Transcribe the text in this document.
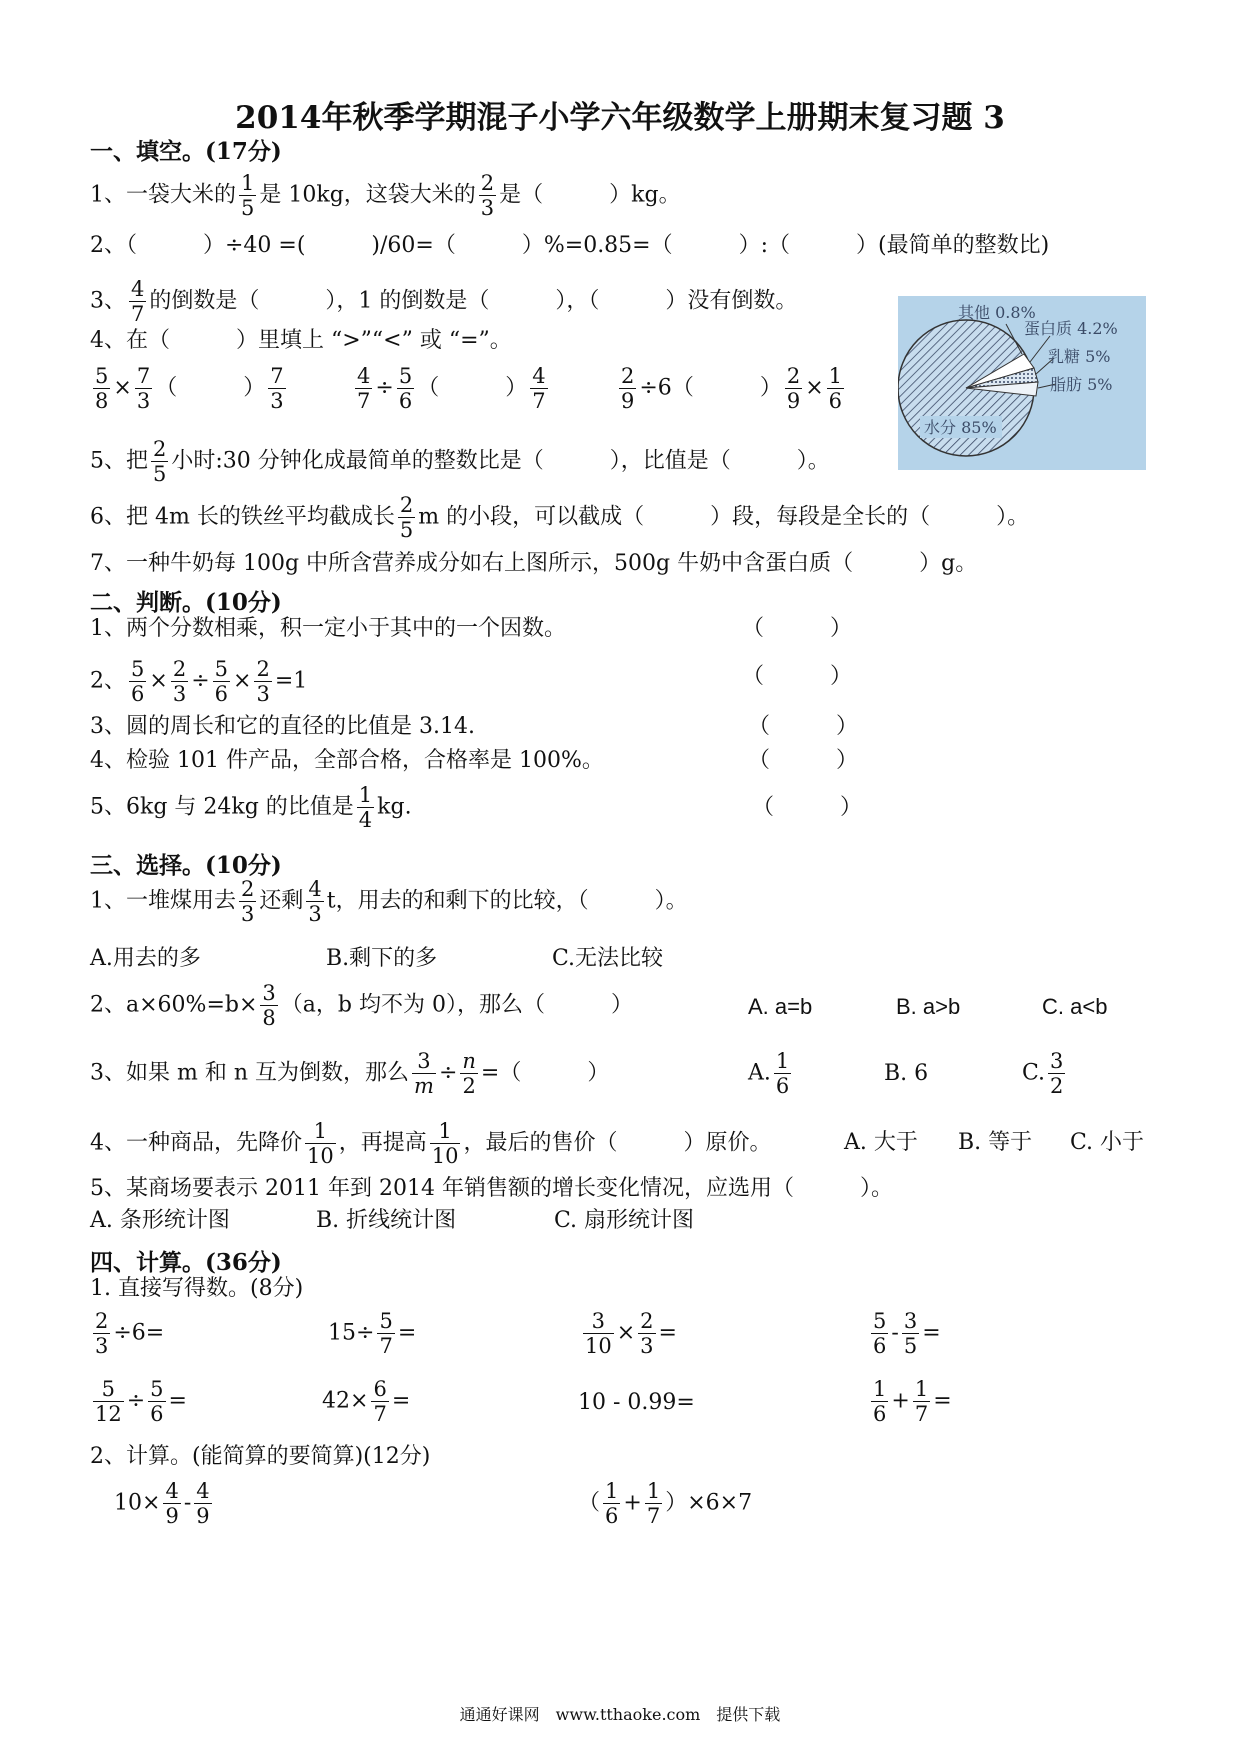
2014年秋季学期混子小学六年级数学上册期末复习题 3
一、填空。(17分)
1、一袋大米的 $\frac{1}{5}$ 是 10kg，这袋大米的 $\frac{2}{3}$ 是（　　　）kg。
2、（　　　）÷40 =(　　　)/60=（　　　）%=0.85=（　　　）:（　　　）(最简单的整数比)
3、 $\frac{4}{7}$ 的倒数是（　　　），1 的倒数是（　　　），（　　　）没有倒数。
4、在（　　　）里填上 “>”“<” 或 “=”。
$\frac{5}{8} \times \frac{7}{3}$ （　　　） $\frac{7}{3}$	$\frac{4}{7} \div \frac{5}{6}$ （　　　） $\frac{4}{7}$	$\frac{2}{9} \div 6$（　　　） $\frac{2}{9} \times \frac{1}{6}$
5、把 $\frac{2}{5}$ 小时:30 分钟化成最简单的整数比是（　　　），比值是（　　　）。
6、把 4m 长的铁丝平均截成长 $\frac{2}{5}$ m 的小段，可以截成（　　　）段，每段是全长的（　　　）。
7、一种牛奶每 100g 中所含营养成分如右上图所示，500g 牛奶中含蛋白质（　　　）g。
其他 0.8%
蛋白质 4.2%
乳糖 5%
脂肪 5%
水分 85%
二、判断。(10分)
1、两个分数相乘，积一定小于其中的一个因数。	（　　　）
2、 $\frac{5}{6} \times \frac{2}{3} \div \frac{5}{6} \times \frac{2}{3} =1$	（　　　）
3、圆的周长和它的直径的比值是 3.14.	（　　　）
4、检验 101 件产品，全部合格，合格率是 100%。	（　　　）
5、6kg 与 24kg 的比值是 $\frac{1}{4}$ kg.	（　　　）
三、选择。(10分)
1、一堆煤用去 $\frac{2}{3}$ 还剩 $\frac{4}{3}$ t，用去的和剩下的比较，（　　　）。
A.用去的多	B.剩下的多	C.无法比较
2、$a\times 60\%=b\times \frac{3}{8} (a$，b 均不为 0），那么（　　　）	A. a=b	B. a>b	C. a<b
3、如果 m 和 n 互为倒数，那么 $\frac{3}{m} \div \frac{n}{2}$ =（　　　）	A. $\frac{1}{6}$	B. 6	C. $\frac{3}{2}$
4、一种商品，先降价 $\frac{1}{10}$ ，再提高 $\frac{1}{10}$ ，最后的售价（　　　）原价。	A. 大于 B. 等于 C. 小于
5、某商场要表示 2011 年到 2014 年销售额的增长变化情况，应选用（　　　）。
A. 条形统计图	B. 折线统计图	C. 扇形统计图
四、计算。(36分)
1. 直接写得数。(8分)
$\frac{2}{3} \div 6=$	$15\div \frac{5}{7}$ =	$\frac{3}{10} \times \frac{2}{3}$ =	$\frac{5}{6} - \frac{3}{5}$ =
$\frac{5}{12} \div \frac{5}{6}$ =	$42\times \frac{6}{7}$ =	10 - 0.99=	$\frac{1}{6} + \frac{1}{7}$ =
2、计算。(能简算的要简算)(12分)
$10\times \frac{4}{9} - \frac{4}{9}$	（ $\frac{1}{6} + \frac{1}{7} )\times 6\times 7$
通通好课网　www.tthaoke.com　提供下载
